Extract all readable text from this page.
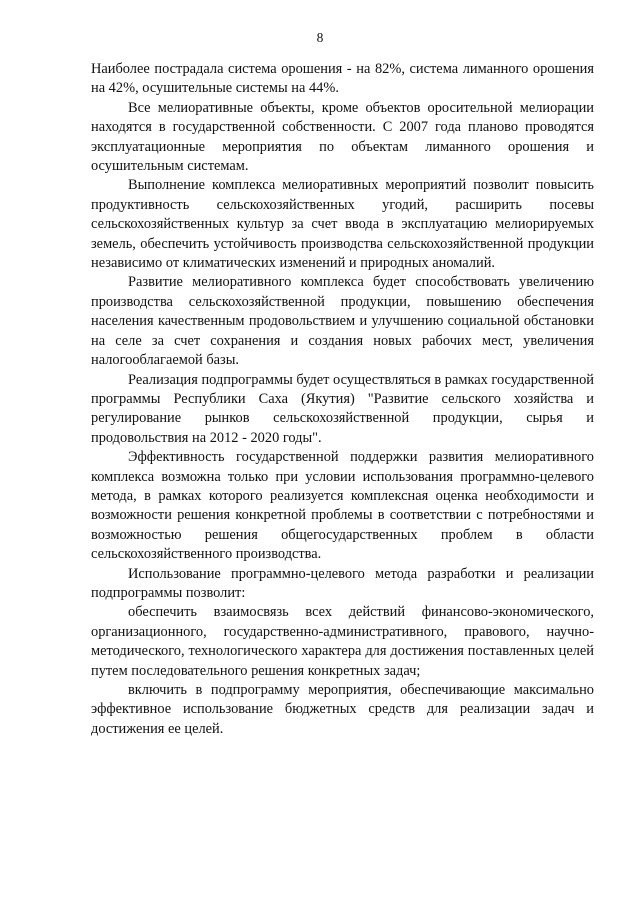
8

Наиболее пострадала система орошения - на 82%, система лиманного орошения на 42%, осушительные системы на 44%.

Все мелиоративные объекты, кроме объектов оросительной мелиорации находятся в государственной собственности. С 2007 года планово проводятся эксплуатационные мероприятия по объектам лиманного орошения и осушительным системам.

Выполнение комплекса мелиоративных мероприятий позволит повысить продуктивность сельскохозяйственных угодий, расширить посевы сельскохозяйственных культур за счет ввода в эксплуатацию мелиорируемых земель, обеспечить устойчивость производства сельскохозяйственной продукции независимо от климатических изменений и природных аномалий.

Развитие мелиоративного комплекса будет способствовать увеличению производства сельскохозяйственной продукции, повышению обеспечения населения качественным продовольствием и улучшению социальной обстановки на селе за счет сохранения и создания новых рабочих мест, увеличения налогооблагаемой базы.

Реализация подпрограммы будет осуществляться в рамках государственной программы Республики Саха (Якутия) "Развитие сельского хозяйства и регулирование рынков сельскохозяйственной продукции, сырья и продовольствия на 2012 - 2020 годы".

Эффективность государственной поддержки развития мелиоративного комплекса возможна только при условии использования программно-целевого метода, в рамках которого реализуется комплексная оценка необходимости и возможности решения конкретной проблемы в соответствии с потребностями и возможностью решения общегосударственных проблем в области сельскохозяйственного производства.

Использование программно-целевого метода разработки и реализации подпрограммы позволит:

обеспечить взаимосвязь всех действий финансово-экономического, организационного, государственно-административного, правового, научно-методического, технологического характера для достижения поставленных целей путем последовательного решения конкретных задач;

включить в подпрограмму мероприятия, обеспечивающие максимально эффективное использование бюджетных средств для реализации задач и достижения ее целей.
